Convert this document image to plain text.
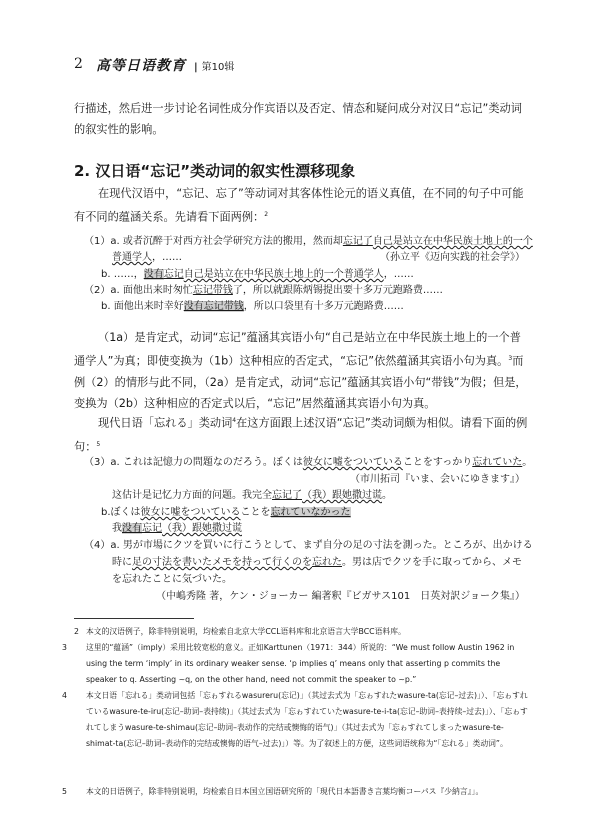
2 高等日语教育 | 第10辑

行描述，然后进一步讨论名词性成分作宾语以及否定、情态和疑问成分对汉日“忘记”类动词的叙实性的影响。

2. 汉日语“忘记”类动词的叙实性漂移现象

在现代汉语中，“忘记、忘了”等动词对其客体性论元的语义真值，在不同的句子中可能有不同的蕴涵关系。先请看下面两例：$^2$

（1）a. 或者沉醉于对西方社会学研究方法的搬用，然而却忘记了自己是站立在中华民族土地上的一个
普通学人，……	（孙立平《迈向实践的社会学》）
b. ……，没有忘记自己是站立在中华民族土地上的一个普通学人，……
（2）a. 面他出来时匆忙忘记带钱了，所以就跟陈炳锡提出要十多万元跑路费……
b. 面他出来时幸好没有忘记带钱，所以口袋里有十多万元跑路费……

（1a）是肯定式，动词“忘记”蕴涵其宾语小句“自己是站立在中华民族土地上的一个普通学人”为真；即使变换为（1b）这种相应的否定式，“忘记”依然蕴涵其宾语小句为真。$^3$而例（2）的情形与此不同，（2a）是肯定式，动词“忘记”蕴涵其宾语小句“带钱”为假；但是，变换为（2b）这种相应的否定式以后，“忘记”居然蕴涵其宾语小句为真。

现代日语「忘れる」类动词$^4$在这方面跟上述汉语“忘记”类动词颇为相似。请看下面的例句：$^5$

（3）a. これは記憶力の問題なのだろう。ぼくは彼女に嘘をついていることをすっかり忘れていた。
（市川拓司『いま、会いにゆきます』）
这估计是记忆力方面的问题。我完全忘记了（我）跟她撒过谎。
b.ぼくは彼女に嘘をついていることを忘れていなかった
我没有忘记（我）跟她撒过谎
（4）a. 男が市場にクツを買いに行こうとして、まず自分の足の寸法を測った。ところが、出かける
時に足の寸法を書いたメモを持って行くのを忘れた。男は店でクツを手に取ってから、メモ
を忘れたことに気づいた。
（中嶋秀隆 著，ケン・ジョーカー 編著釈『ビガサス101　日英対訳ジョーク集』）

2 本文的汉语例子，除非特别说明，均检索自北京大学CCL语料库和北京语言大学BCC语料库。

3 这里的“蕴涵”（imply）采用比较宽松的意义。正如Karttunen（1971：344）所说的：“We must follow Austin 1962 in using the term ‘imply’ in its ordinary weaker sense. ‘p implies q’ means only that asserting p commits the speaker to q. Asserting ~q, on the other hand, need not commit the speaker to ~p.”

4 本文日语「忘れる」类动词包括「忘ゎすれるwasureru(忘记)」（其过去式为「忘ゎすれたwasure-ta(忘记–过去)」）、「忘ゎすれているwasure-te-iru(忘记–助词–表持续)」（其过去式为「忘ゎすれていたwasure-te-i-ta(忘记–助词–表持续–过去)」）、「忘ゎすれてしまうwasure-te-shimau(忘记–助词–表动作的完结或懊悔的语气)」（其过去式为「忘ゎすれてしまったwasure-te-shimat-ta(忘记–助词–表动作的完结或懊悔的语气–过去)」）等。为了叙述上的方便，这些词语统称为“「忘れる」类动词”。

5 本文的日语例子，除非特别说明，均检索自日本国立国语研究所的「現代日本語書き言葉均衡コーパス『少納言』」。
